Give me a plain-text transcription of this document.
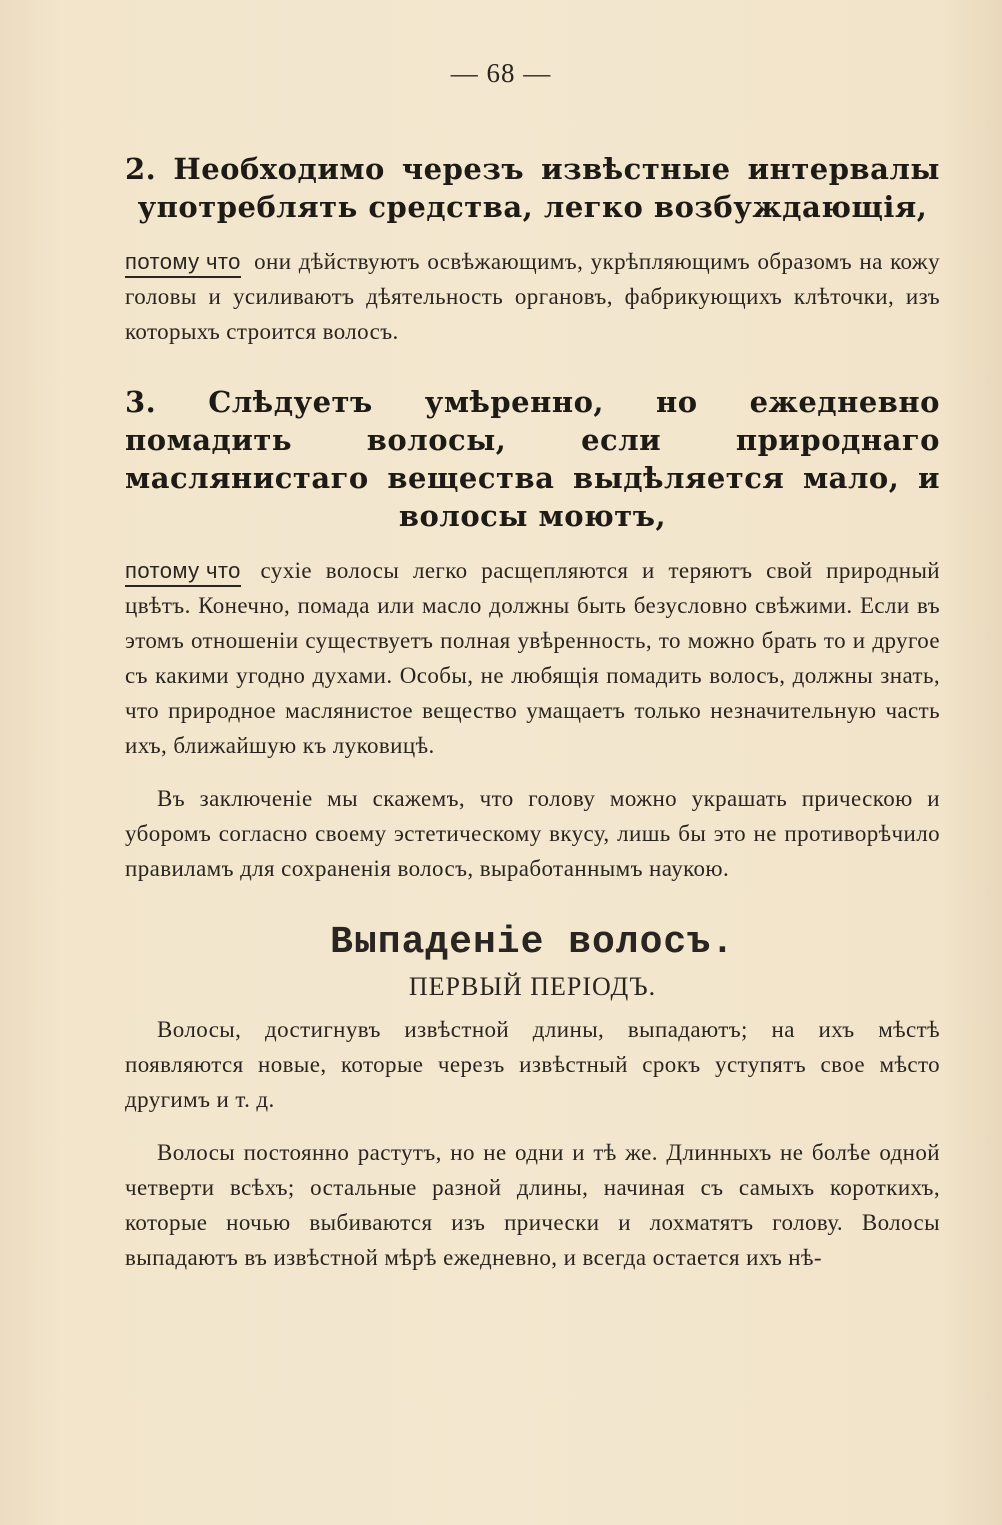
— 68 —

2. Необходимо черезъ извѣстные интервалы употреблять средства, легко возбуждающія,

потому что они дѣйствуютъ освѣжающимъ, укрѣпляющимъ образомъ на кожу головы и усиливаютъ дѣятельность органовъ, фабрикующихъ клѣточки, изъ которыхъ строится волосъ.

3. Слѣдуетъ умѣренно, но ежедневно помадить волосы, если природнаго маслянистаго вещества выдѣляется мало, и волосы моютъ,

потому что сухіе волосы легко расщепляются и теряютъ свой природный цвѣтъ. Конечно, помада или масло должны быть безусловно свѣжими. Если въ этомъ отношеніи существуетъ полная увѣренность, то можно брать то и другое съ какими угодно духами. Особы, не любящія помадить волосъ, должны знать, что природное маслянистое вещество умащаетъ только незначительную часть ихъ, ближайшую къ луковицѣ.

Въ заключеніе мы скажемъ, что голову можно украшать прическою и уборомъ согласно своему эстетическому вкусу, лишь бы это не противорѣчило правиламъ для сохраненія волосъ, выработаннымъ наукою.

Выпаденіе волосъ.
ПЕРВЫЙ ПЕРІОДЪ.

Волосы, достигнувъ извѣстной длины, выпадаютъ; на ихъ мѣстѣ появляются новые, которые черезъ извѣстный срокъ уступятъ свое мѣсто другимъ и т. д.

Волосы постоянно растутъ, но не одни и тѣ же. Длинныхъ не болѣе одной четверти всѣхъ; остальные разной длины, начиная съ самыхъ короткихъ, которые ночью выбиваются изъ прически и лохматятъ голову. Волосы выпадаютъ въ извѣстной мѣрѣ ежедневно, и всегда остается ихъ нѣ-
